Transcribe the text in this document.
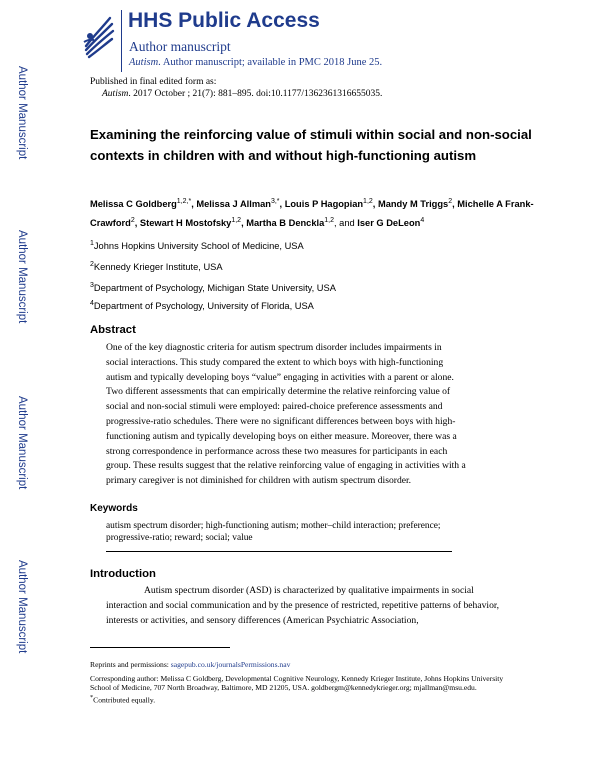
Author Manuscript
Author Manuscript
Author Manuscript
Author Manuscript
HHS Public Access
Author manuscript
Autism. Author manuscript; available in PMC 2018 June 25.
Published in final edited form as:
Autism. 2017 October ; 21(7): 881–895. doi:10.1177/1362361316655035.
Examining the reinforcing value of stimuli within social and non-social contexts in children with and without high-functioning autism
Melissa C Goldberg$^{1,2,*}$, Melissa J Allman$^{3,*}$, Louis P Hagopian$^{1,2}$, Mandy M Triggs$^2$, Michelle A Frank-Crawford$^2$, Stewart H Mostofsky$^{1,2}$, Martha B Denckla$^{1,2}$, and Iser G DeLeon$^4$
$^1$Johns Hopkins University School of Medicine, USA
$^2$Kennedy Krieger Institute, USA
$^3$Department of Psychology, Michigan State University, USA
$^4$Department of Psychology, University of Florida, USA
Abstract
One of the key diagnostic criteria for autism spectrum disorder includes impairments in social interactions. This study compared the extent to which boys with high-functioning autism and typically developing boys “value” engaging in activities with a parent or alone. Two different assessments that can empirically determine the relative reinforcing value of social and non-social stimuli were employed: paired-choice preference assessments and progressive-ratio schedules. There were no significant differences between boys with high-functioning autism and typically developing boys on either measure. Moreover, there was a strong correspondence in performance across these two measures for participants in each group. These results suggest that the relative reinforcing value of engaging in activities with a primary caregiver is not diminished for children with autism spectrum disorder.
Keywords
autism spectrum disorder; high-functioning autism; mother–child interaction; preference; progressive-ratio; reward; social; value
Introduction
Autism spectrum disorder (ASD) is characterized by qualitative impairments in social interaction and social communication and by the presence of restricted, repetitive patterns of behavior, interests or activities, and sensory differences (American Psychiatric Association,
Reprints and permissions: sagepub.co.uk/journalsPermissions.nav
Corresponding author: Melissa C Goldberg, Developmental Cognitive Neurology, Kennedy Krieger Institute, Johns Hopkins University School of Medicine, 707 North Broadway, Baltimore, MD 21205, USA. goldbergm@kennedykrieger.org; mjallman@msu.edu.
*Contributed equally.
